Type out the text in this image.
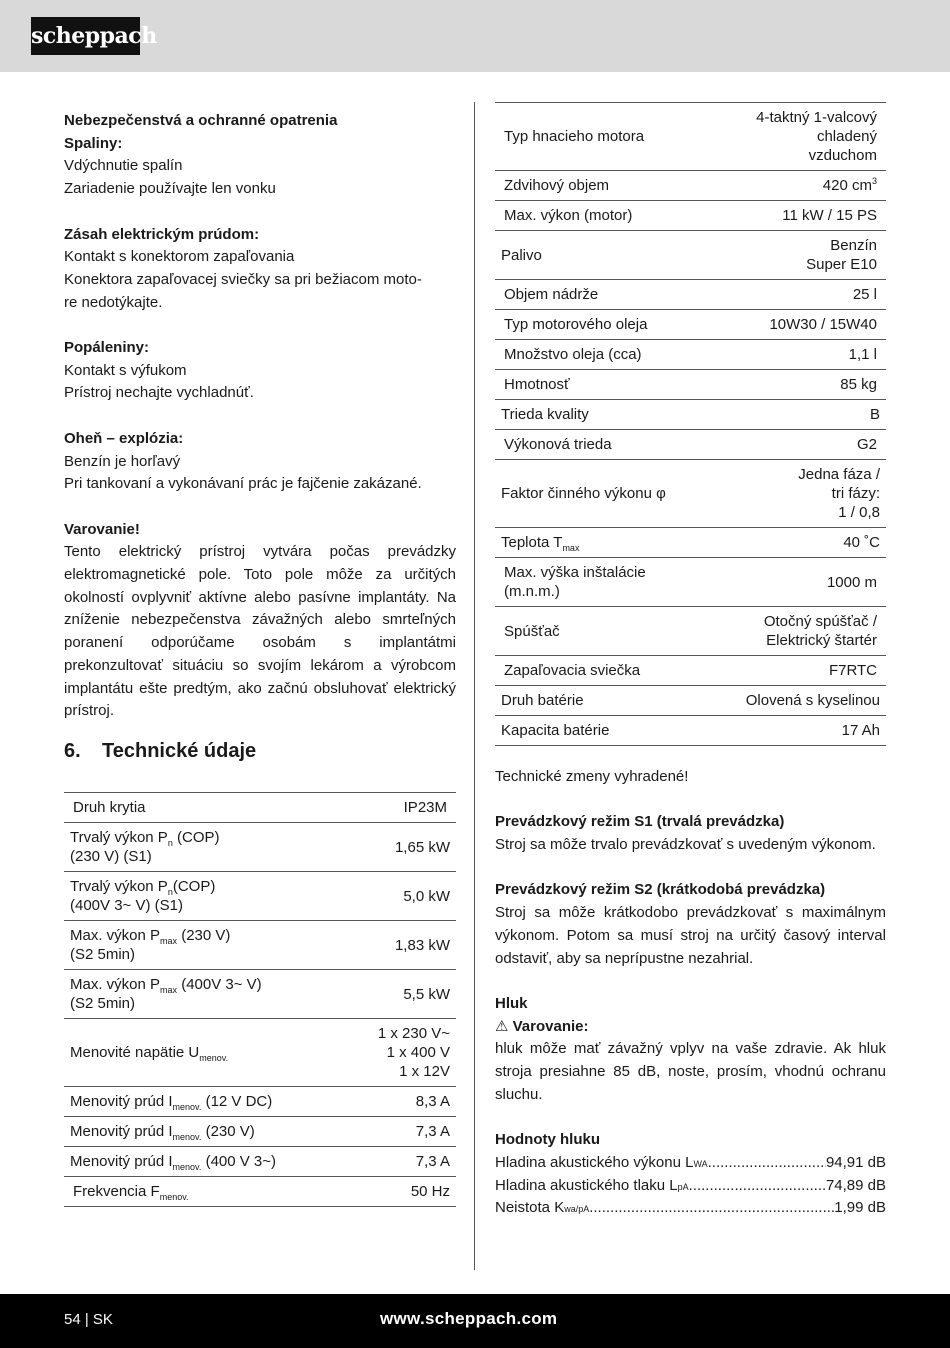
scheppach

Nebezpečenstvá a ochranné opatrenia

Spaliny:

Vdýchnutie spalín

Zariadenie používajte len vonku

Zásah elektrickým prúdom:

Kontakt s konektorom zapaľovania

Konektora zapaľovacej sviečky sa pri bežiacom moto-

re nedotýkajte.

Popáleniny:

Kontakt s výfukom

Prístroj nechajte vychladnúť.

Oheň – explózia:

Benzín je horľavý

Pri tankovaní a vykonávaní prác je fajčenie zakázané.

Varovanie!

Tento elektrický prístroj vytvára počas prevádzky elektromagnetické pole. Toto pole môže za určitých okolností ovplyvniť aktívne alebo pasívne implantáty. Na zníženie nebezpečenstva závažných alebo smrteľných poranení odporúčame osobám s implantátmi prekonzultovať situáciu so svojím lekárom a výrobcom implantátu ešte predtým, ako začnú obsluhovať elektrický prístroj.

6. Technické údaje
Druh krytia	IP23M
Trvalý výkon $P_n$ (COP)
(230 V) (S1)	1,65 kW
Trvalý výkon $P_n(COP)$
(400V 3~ V) (S1)	5,0 kW
Max. výkon $P_{max}$ (230 V)
(S2 5min)	1,83 kW
Max. výkon $P_{max}$ (400V 3~ V)
(S2 5min)	5,5 kW
Menovité napätie $U_{menov.}$	1 x 230 V~
1 x 400 V
1 x 12V
Menovitý prúd $I_{menov.}$ (12 V DC)	8,3 A
Menovitý prúd $I_{menov.}$ (230 V)	7,3 A
Menovitý prúd $I_{menov.}$ (400 V 3~)	7,3 A
Frekvencia $F_{menov.}$	50 Hz
Typ hnacieho motora	4-taktný 1-valcový
chladený
vzduchom
Zdvihový objem	420 $cm^3$
Max. výkon (motor)	11 kW / 15 PS
Palivo	Benzín
Super E10
Objem nádrže	25 l
Typ motorového oleja	10W30 / 15W40
Množstvo oleja (cca)	1,1 l
Hmotnosť	85 kg
Trieda kvality	B
Výkonová trieda	G2
Faktor činného výkonu φ	Jedna fáza /
tri fázy:
1 / 0,8
Teplota $T_{max}$	40 ˚C
Max. výška inštalácie
(m.n.m.)	1000 m
Spúšťač	Otočný spúšťač /
Elektrický štartér
Zapaľovacia sviečka	F7RTC
Druh batérie	Olovená s kyselinou
Kapacita batérie	17 Ah

Technické zmeny vyhradené!

Prevádzkový režim S1 (trvalá prevádzka)

Stroj sa môže trvalo prevádzkovať s uvedeným výkonom.

Prevádzkový režim S2 (krátkodobá prevádzka)

Stroj sa môže krátkodobo prevádzkovať s maximálnym výkonom. Potom sa musí stroj na určitý časový interval odstaviť, aby sa neprípustne nezahrial.

Hluk

⚠ Varovanie:

hluk môže mať závažný vplyv na vaše zdravie. Ak hluk stroja presiahne 85 dB, noste, prosím, vhodnú ochranu sluchu.

Hodnoty hluku

Hladina akustického výkonu L WA .....	94,91 dB
Hladina akustického tlaku L pA .....	74,89 dB
Neistota K wa/pA .....	1,99 dB
54 | SK	www.scheppach.com
